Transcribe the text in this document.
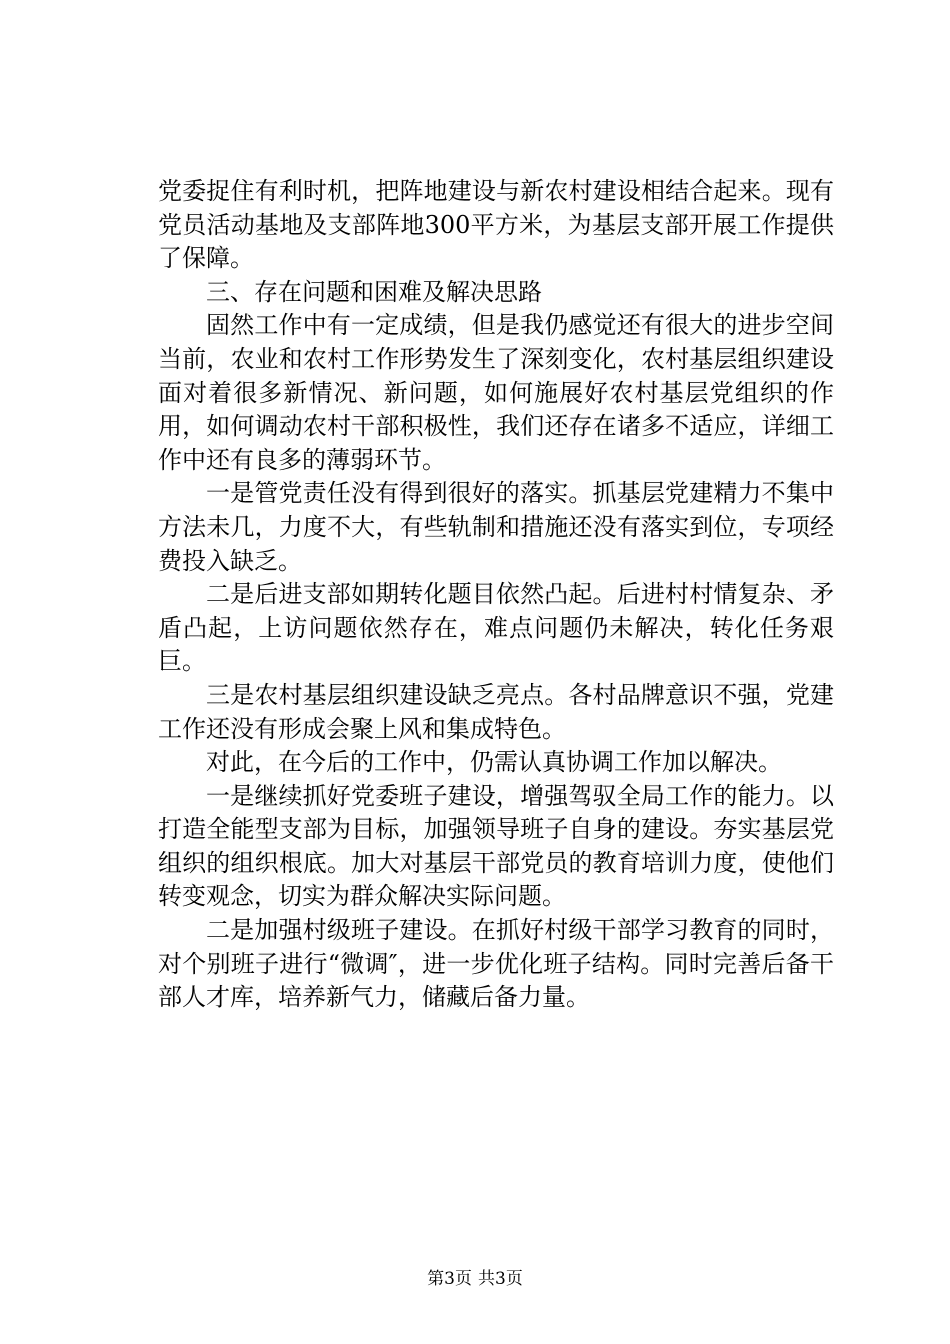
党委捉住有利时机，把阵地建设与新农村建设相结合起来。现有党员活动基地及支部阵地300平方米，为基层支部开展工作提供了保障。

三、存在问题和困难及解决思路

固然工作中有一定成绩，但是我仍感觉还有很大的进步空间当前，农业和农村工作形势发生了深刻变化，农村基层组织建设面对着很多新情况、新问题，如何施展好农村基层党组织的作用，如何调动农村干部积极性，我们还存在诸多不适应，详细工作中还有良多的薄弱环节。

一是管党责任没有得到很好的落实。抓基层党建精力不集中方法未几，力度不大，有些轨制和措施还没有落实到位，专项经费投入缺乏。

二是后进支部如期转化题目依然凸起。后进村村情复杂、矛盾凸起，上访问题依然存在，难点问题仍未解决，转化任务艰巨。

三是农村基层组织建设缺乏亮点。各村品牌意识不强，党建工作还没有形成会聚上风和集成特色。

对此，在今后的工作中，仍需认真协调工作加以解决。

一是继续抓好党委班子建设，增强驾驭全局工作的能力。以打造全能型支部为目标，加强领导班子自身的建设。夯实基层党组织的组织根底。加大对基层干部党员的教育培训力度，使他们转变观念，切实为群众解决实际问题。

二是加强村级班子建设。在抓好村级干部学习教育的同时，对个别班子进行“微调″，进一步优化班子结构。同时完善后备干部人才库，培养新气力，储藏后备力量。

第3页 共3页
